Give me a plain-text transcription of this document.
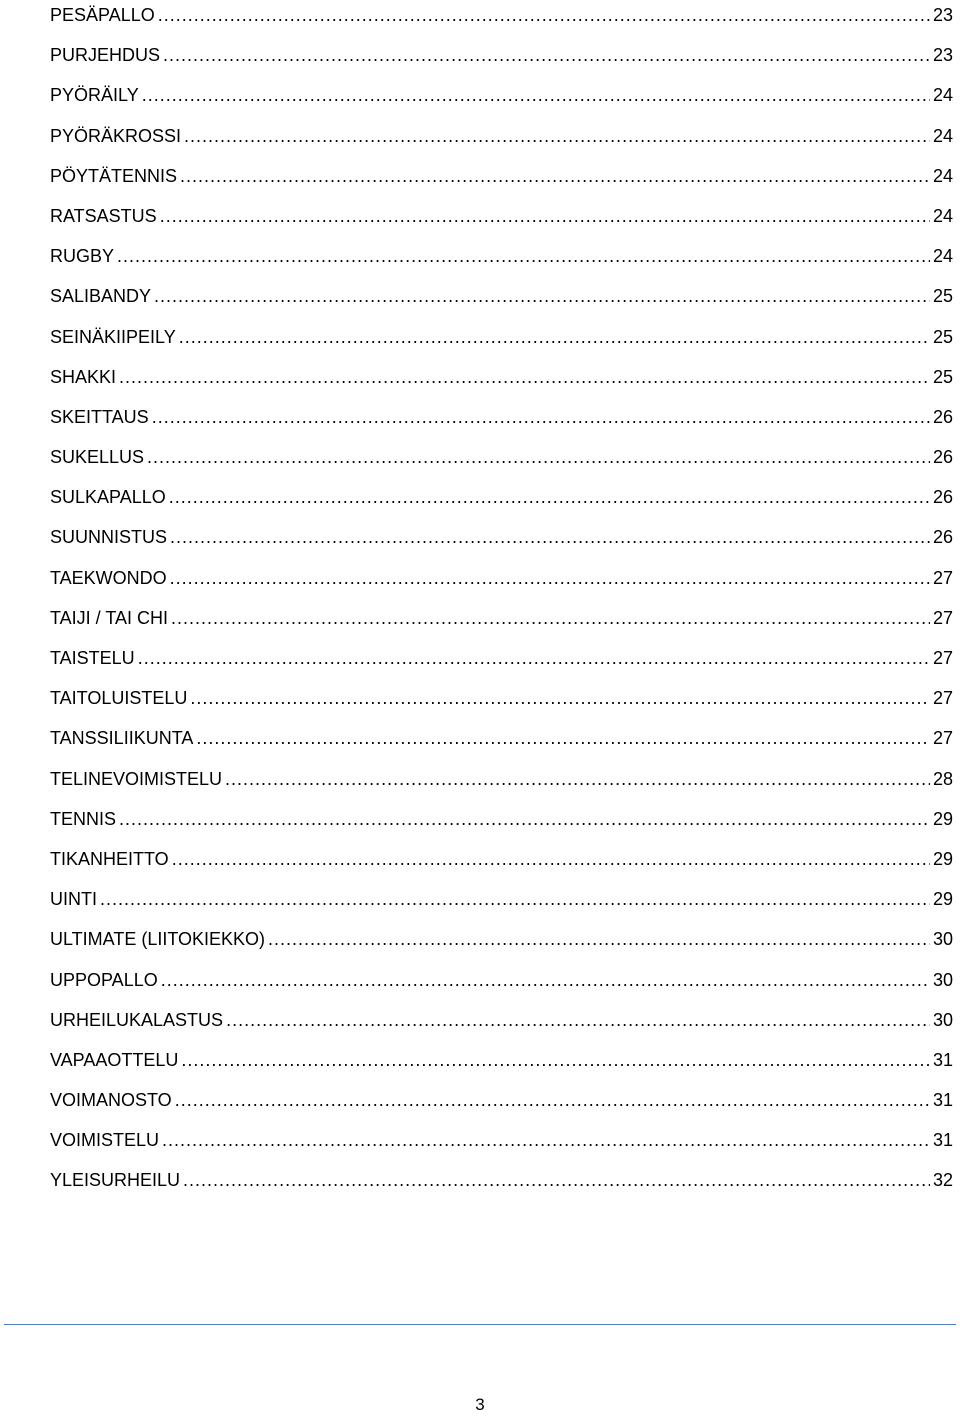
PESÄPALLO .....	23
PURJEHDUS .....	23
PYÖRÄILY .....	24
PYÖRÄKROSSI .....	24
PÖYTÄTENNIS .....	24
RATSASTUS .....	24
RUGBY .....	24
SALIBANDY .....	25
SEINÄKIIPEILY .....	25
SHAKKI .....	25
SKEITTAUS .....	26
SUKELLUS .....	26
SULKAPALLO .....	26
SUUNNISTUS .....	26
TAEKWONDO .....	27
TAIJI / TAI CHI .....	27
TAISTELU .....	27
TAITOLUISTELU .....	27
TANSSILIIKUNTA .....	27
TELINEVOIMISTELU .....	28
TENNIS .....	29
TIKANHEITTO .....	29
UINTI .....	29
ULTIMATE (LIITOKIEKKO) .....	30
UPPOPALLO .....	30
URHEILUKALASTUS .....	30
VAPAAOTTELU .....	31
VOIMANOSTO .....	31
VOIMISTELU .....	31
YLEISURHEILU .....	32
3
